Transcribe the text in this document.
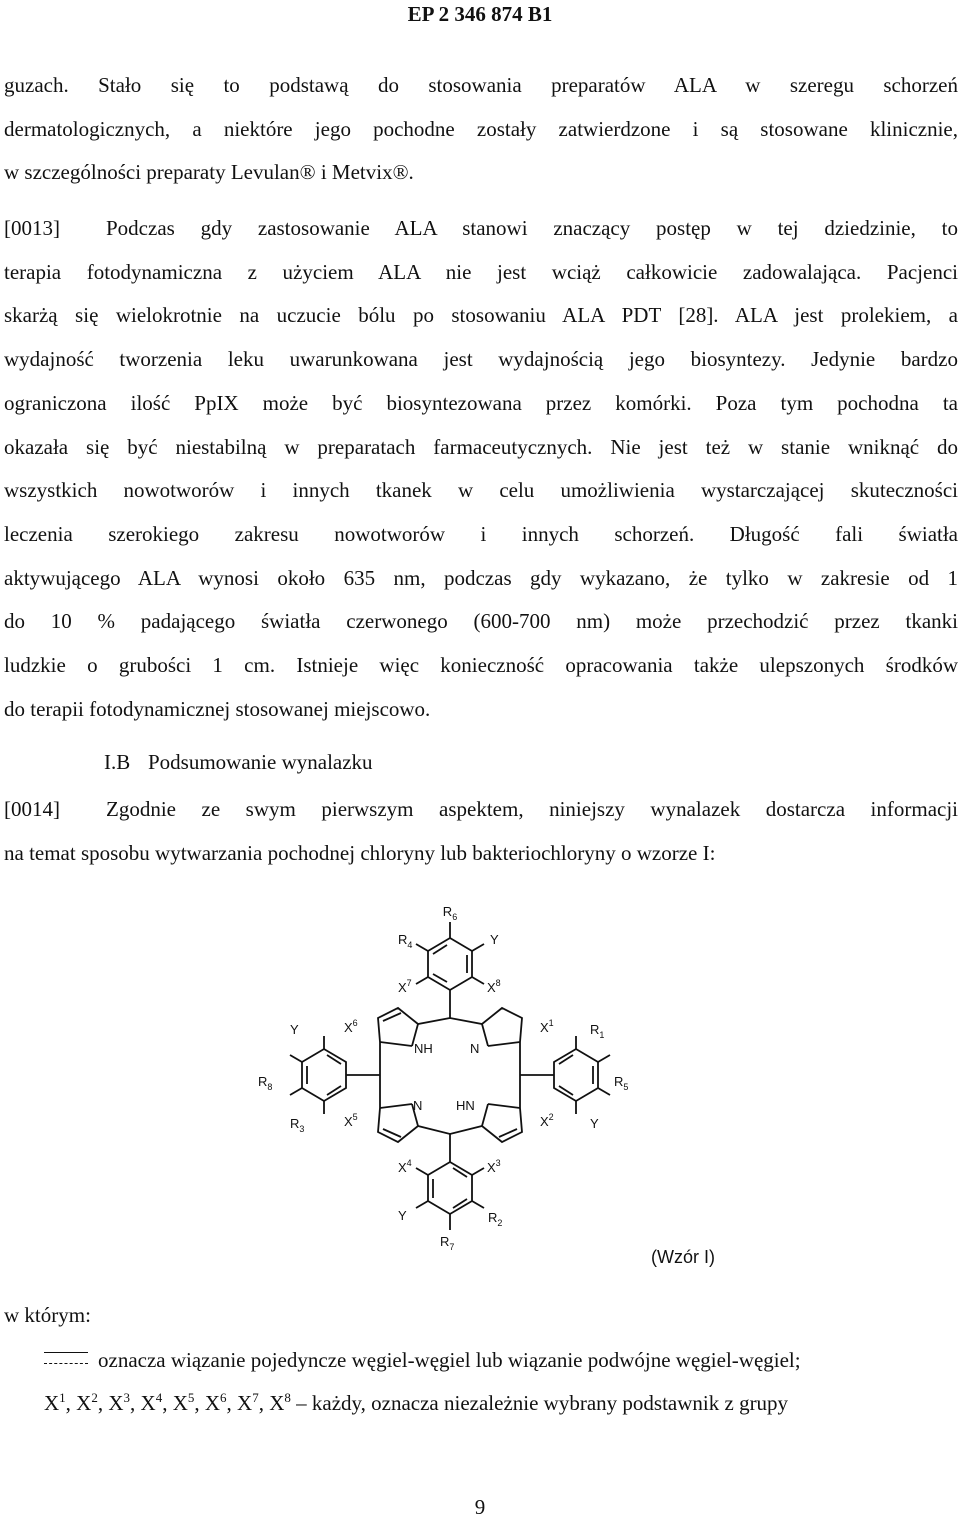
EP 2 346 874 B1
guzach. Stało się to podstawą do stosowania preparatów ALA w szeregu schorzeń
dermatologicznych, a niektóre jego pochodne zostały zatwierdzone i są stosowane klinicznie,
w szczególności preparaty Levulan® i Metvix®.
[0013]	Podczas gdy zastosowanie ALA stanowi znaczący postęp w tej dziedzinie, to
terapia fotodynamiczna z użyciem ALA nie jest wciąż całkowicie zadowalająca. Pacjenci
skarżą się wielokrotnie na uczucie bólu po stosowaniu ALA PDT [28]. ALA jest prolekiem, a
wydajność tworzenia leku uwarunkowana jest wydajnością jego biosyntezy. Jedynie bardzo
ograniczona ilość PpIX może być biosyntezowana przez komórki. Poza tym pochodna ta
okazała się być niestabilną w preparatach farmaceutycznych. Nie jest też w stanie wniknąć do
wszystkich nowotworów i innych tkanek w celu umożliwienia wystarczającej skuteczności
leczenia szerokiego zakresu nowotworów i innych schorzeń. Długość fali światła
aktywującego ALA wynosi około 635 nm, podczas gdy wykazano, że tylko w zakresie od 1
do 10 % padającego światła czerwonego (600-700 nm) może przechodzić przez tkanki
ludzkie o grubości 1 cm. Istnieje więc konieczność opracowania także ulepszonych środków
do terapii fotodynamicznej stosowanej miejscowo.
I.B Podsumowanie wynalazku
[0014]	Zgodnie ze swym pierwszym aspektem, niniejszy wynalazek dostarcza informacji
na temat sposobu wytwarzania pochodnej chloryny lub bakteriochloryny o wzorze I:
$R_6$
$R_4$	Y
$X^7$	$X^8$
Y	$X^6$	$X^1$	$R_1$
NH	N
$R_8$	$R_5$
N	HN
$R_3$	$X^5$	$X^2$	Y
$X^4$	$X^3$
Y	$R_2$
$R_7$	(Wzór I)
w którym:
oznacza wiązanie pojedyncze węgiel-węgiel lub wiązanie podwójne węgiel-węgiel;
$X^1$, $X^2$, $X^3$, $X^4$, $X^5$, $X^6$, $X^7$, $X^8$ – każdy, oznacza niezależnie wybrany podstawnik z grupy
9
